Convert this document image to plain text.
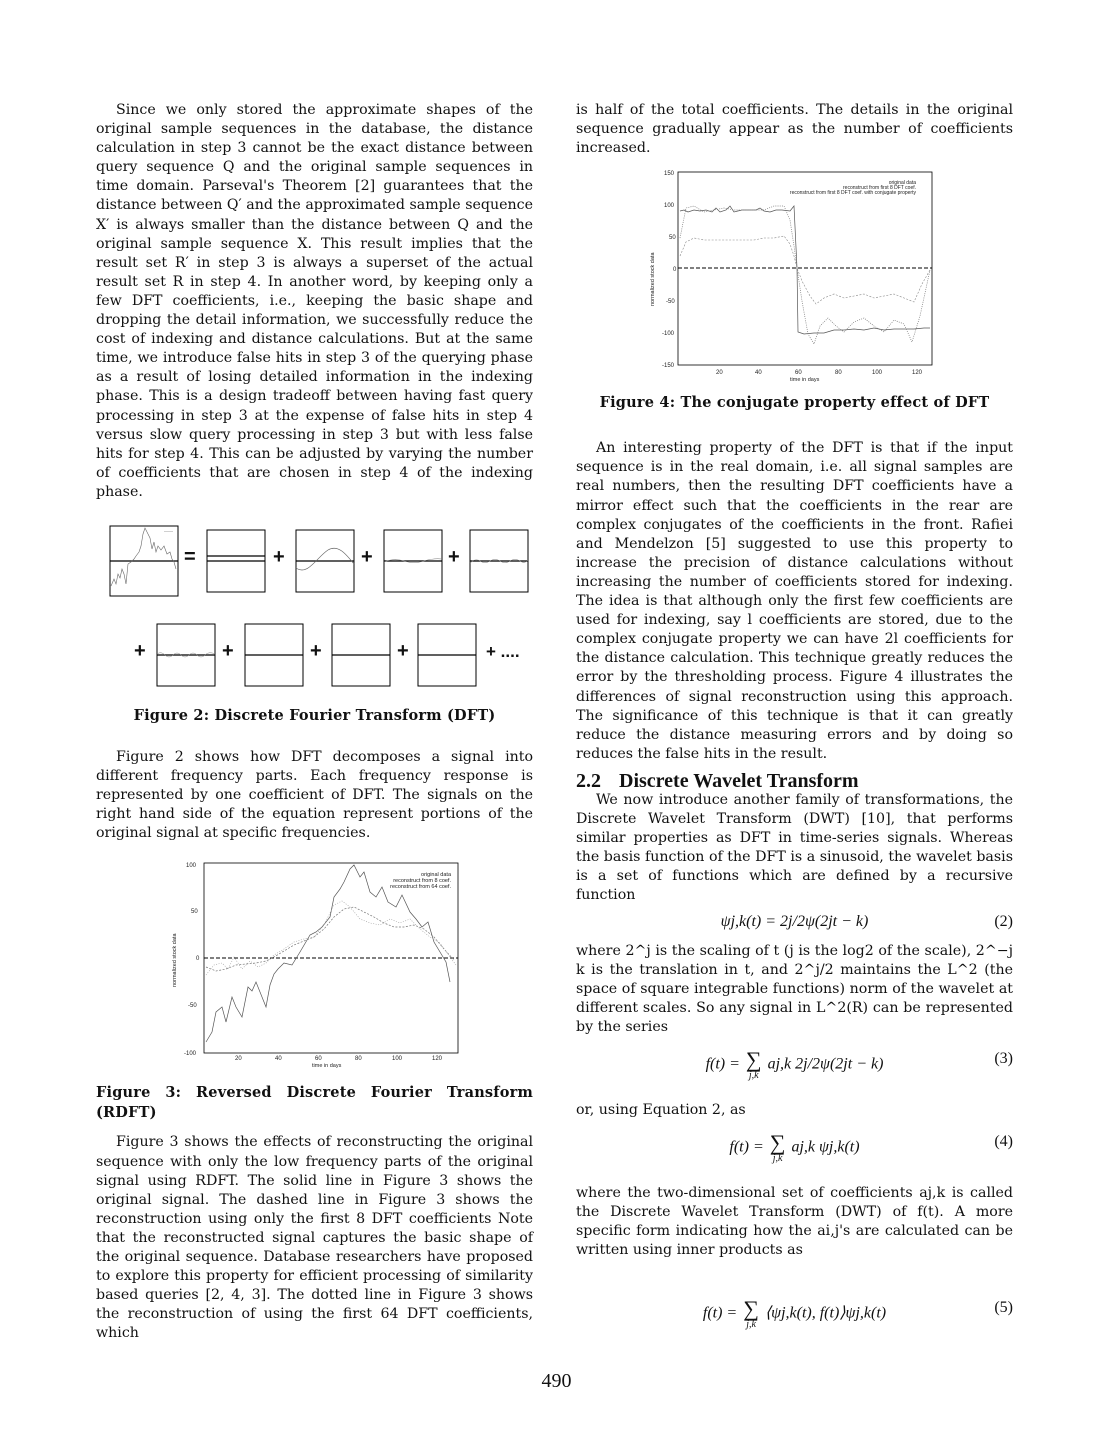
Since we only stored the approximate shapes of the original sample sequences in the database, the distance calculation in step 3 cannot be the exact distance between query sequence Q and the original sample sequences in time domain. Parseval's Theorem [2] guarantees that the distance between Q′ and the approximated sample sequence X′ is always smaller than the distance between Q and the original sample sequence X. This result implies that the result set R′ in step 3 is always a superset of the actual result set R in step 4. In another word, by keeping only a few DFT coefficients, i.e., keeping the basic shape and dropping the detail information, we successfully reduce the cost of indexing and distance calculations. But at the same time, we introduce false hits in step 3 of the querying phase as a result of losing detailed information in the indexing phase. This is a design tradeoff between having fast query processing in step 3 at the expense of false hits in step 4 versus slow query processing in step 3 but with less false hits for step 4. This can be adjusted by varying the number of coefficients that are chosen in step 4 of the indexing phase.

———
=	+	+	+
+	+	+	+	+ ....
Figure 2: Discrete Fourier Transform (DFT)

Figure 2 shows how DFT decomposes a signal into different frequency parts. Each frequency response is represented by one coefficient of DFT. The signals on the right hand side of the equation represent portions of the original signal at specific frequencies.

100
50
0
-50
-100
20	40	60	80	100	120
time in days
normalized stock data
original data
reconstruct from 8 coef.
reconstruct from 64 coef.
Figure 3: Reversed Discrete Fourier Transform (RDFT)

Figure 3 shows the effects of reconstructing the original sequence with only the low frequency parts of the original signal using RDFT. The solid line in Figure 3 shows the original signal. The dashed line in Figure 3 shows the reconstruction using only the first 8 DFT coefficients Note that the reconstructed signal captures the basic shape of the original sequence. Database researchers have proposed to explore this property for efficient processing of similarity based queries [2, 4, 3]. The dotted line in Figure 3 shows the reconstruction of using the first 64 DFT coefficients, which

is half of the total coefficients. The details in the original sequence gradually appear as the number of coefficients increased.

150
100
50
0
-50
-100
-150
20	40	60	80	100	120
time in days
normalized stock data
original data
reconstruct from first 8 DFT coef.
reconstruct from first 8 DFT coef. with conjugate property
Figure 4: The conjugate property effect of DFT

An interesting property of the DFT is that if the input sequence is in the real domain, i.e. all signal samples are real numbers, then the resulting DFT coefficients have a mirror effect such that the coefficients in the rear are complex conjugates of the coefficients in the front. Rafiei and Mendelzon [5] suggested to use this property to increase the precision of distance calculations without increasing the number of coefficients stored for indexing. The idea is that although only the first few coefficients are used for indexing, say l coefficients are stored, due to the complex conjugate property we can have 2l coefficients for the distance calculation. This technique greatly reduces the error by the thresholding process. Figure 4 illustrates the differences of signal reconstruction using this approach. The significance of this technique is that it can greatly reduce the distance measuring errors and by doing so reduces the false hits in the result.

2.2 Discrete Wavelet Transform

We now introduce another family of transformations, the Discrete Wavelet Transform (DWT) [10], that performs similar properties as DFT in time-series signals. Whereas the basis function of the DFT is a sinusoid, the wavelet basis is a set of functions which are defined by a recursive function

ψj,k(t) = 2j/2ψ(2jt − k)	(2)

where 2^j is the scaling of t (j is the log2 of the scale), 2^−j k is the translation in t, and 2^j/2 maintains the L^2 (the space of square integrable functions) norm of the wavelet at different scales. So any signal in L^2(R) can be represented by the series

f(t) = ∑
j,k
aj,k 2j/2ψ(2jt − k)	(3)

or, using Equation 2, as

f(t) = ∑
j,k
aj,k ψj,k(t)	(4)

where the two-dimensional set of coefficients aj,k is called the Discrete Wavelet Transform (DWT) of f(t). A more specific form indicating how the ai,j's are calculated can be written using inner products as

f(t) = ∑
j,k
⟨ψj,k(t), f(t)⟩ψj,k(t)	(5)
490
